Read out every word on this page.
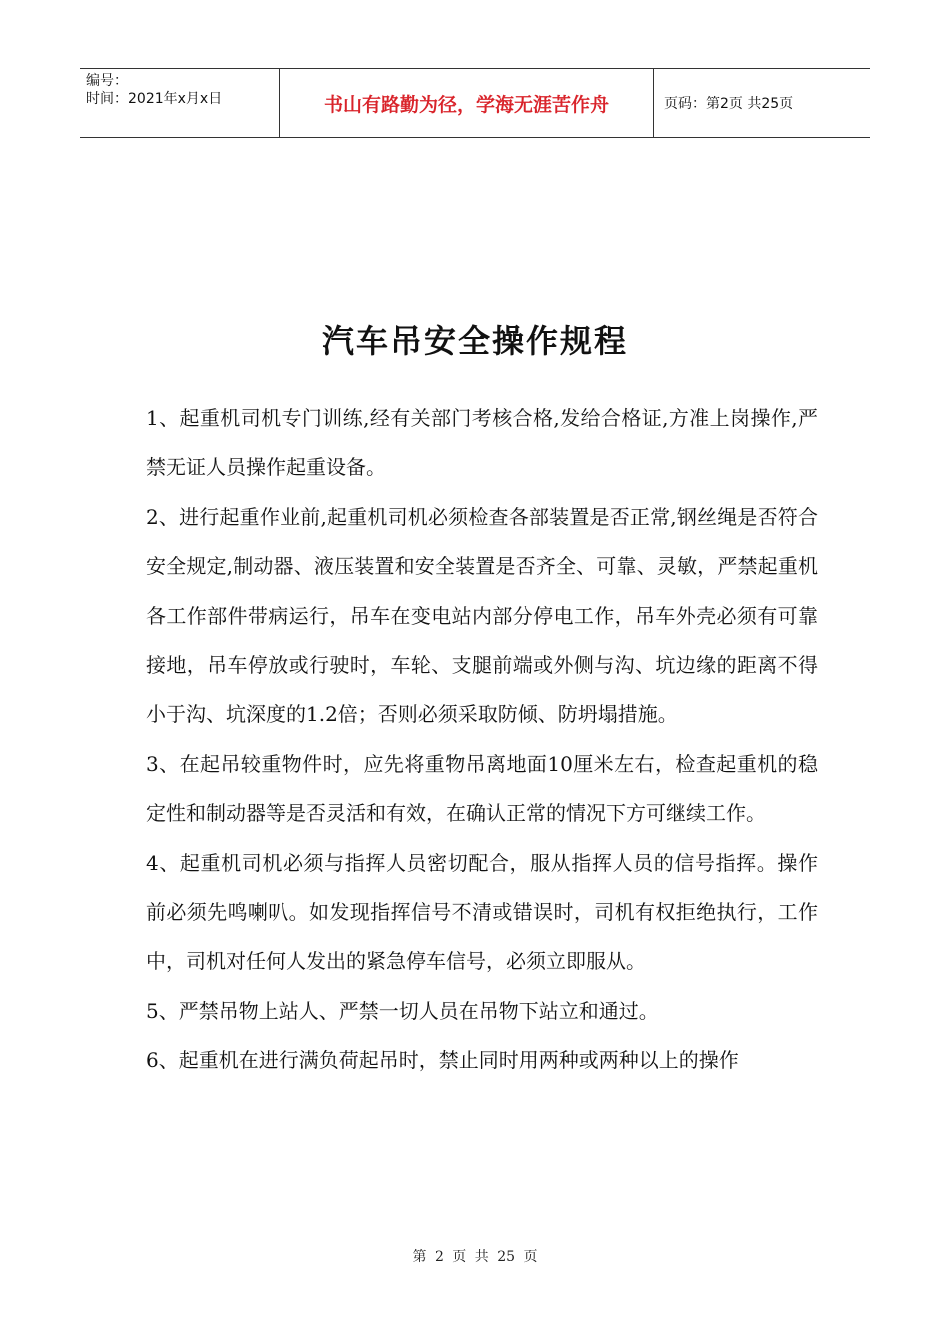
编号：
时间：2021年x月x日	书山有路勤为径，学海无涯苦作舟	页码：第2页 共25页
汽车吊安全操作规程

1、起重机司机专门训练,经有关部门考核合格,发给合格证,方准上岗操作,严禁无证人员操作起重设备。

2、进行起重作业前,起重机司机必须检查各部装置是否正常,钢丝绳是否符合安全规定,制动器、液压装置和安全装置是否齐全、可靠、灵敏，严禁起重机各工作部件带病运行，吊车在变电站内部分停电工作，吊车外壳必须有可靠接地，吊车停放或行驶时，车轮、支腿前端或外侧与沟、坑边缘的距离不得小于沟、坑深度的1.2倍；否则必须采取防倾、防坍塌措施。

3、在起吊较重物件时，应先将重物吊离地面10厘米左右，检查起重机的稳定性和制动器等是否灵活和有效，在确认正常的情况下方可继续工作。

4、起重机司机必须与指挥人员密切配合，服从指挥人员的信号指挥。操作前必须先鸣喇叭。如发现指挥信号不清或错误时，司机有权拒绝执行，工作中，司机对任何人发出的紧急停车信号，必须立即服从。

5、严禁吊物上站人、严禁一切人员在吊物下站立和通过。

6、起重机在进行满负荷起吊时，禁止同时用两种或两种以上的操作

第 2 页 共 25 页
